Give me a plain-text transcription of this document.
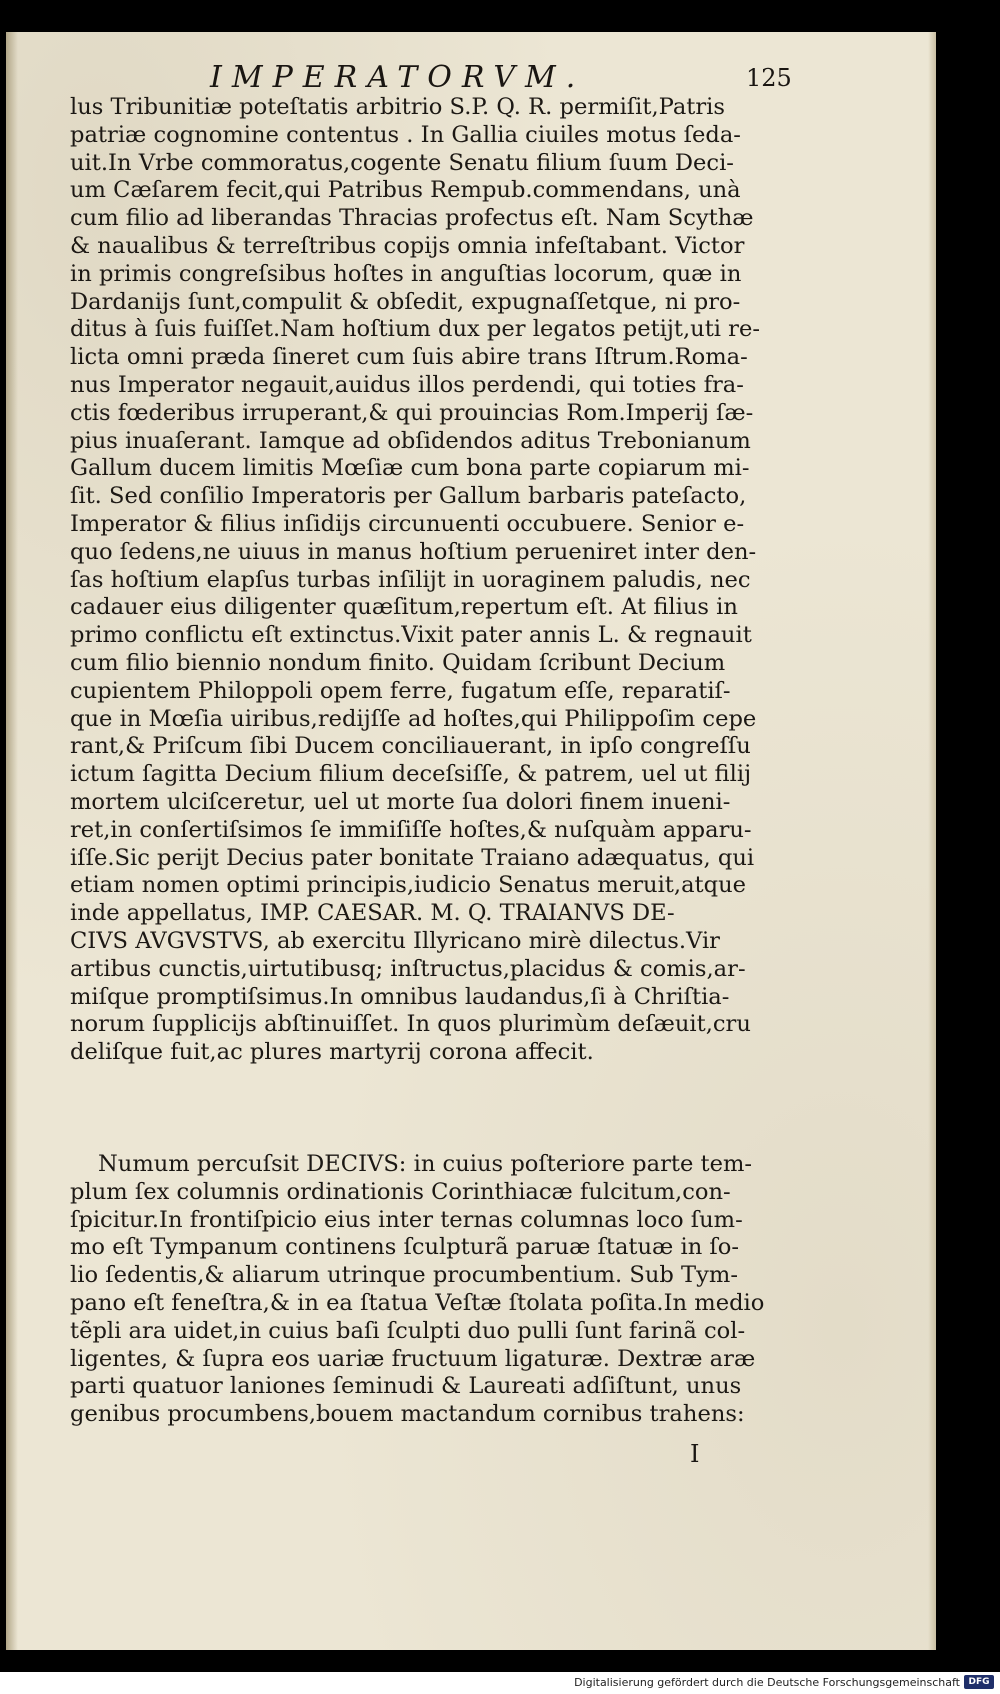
IMPERATORVM.	125
lus Tribunitiæ poteſtatis arbitrio S.P. Q. R. permiſit,Patris
patriæ cognomine contentus . In Gallia ciuiles motus ſeda-
uit.In Vrbe commoratus,cogente Senatu filium ſuum Deci-
um Cæſarem fecit,qui Patribus Rempub.commendans, unà
cum filio ad liberandas Thracias profectus eſt. Nam Scythæ
& naualibus & terreſtribus copijs omnia infeſtabant. Victor
in primis congreſsibus hoſtes in anguſtias locorum, quæ in
Dardanijs ſunt,compulit & obſedit, expugnaſſetque, ni pro-
ditus à ſuis fuiſſet.Nam hoſtium dux per legatos petijt,uti re-
licta omni præda ſineret cum ſuis abire trans Iſtrum.Roma-
nus Imperator negauit,auidus illos perdendi, qui toties fra-
ctis fœderibus irruperant,& qui prouincias Rom.Imperij ſæ-
pius inuaſerant. Iamque ad obſidendos aditus Trebonianum
Gallum ducem limitis Mœſiæ cum bona parte copiarum mi-
ſit. Sed conſilio Imperatoris per Gallum barbaris pateſacto,
Imperator & filius inſidijs circunuenti occubuere. Senior e-
quo ſedens,ne uiuus in manus hoſtium perueniret inter den-
ſas hoſtium elapſus turbas inſilijt in uoraginem paludis, nec
cadauer eius diligenter quæſitum,repertum eſt. At filius in
primo conflictu eſt extinctus.Vixit pater annis L. & regnauit
cum filio biennio nondum finito. Quidam ſcribunt Decium
cupientem Philoppoli opem ferre, fugatum eſſe, reparatiſ-
que in Mœſia uiribus,redijſſe ad hoſtes,qui Philippoſim cepe
rant,& Priſcum ſibi Ducem conciliauerant, in ipſo congreſſu
ictum ſagitta Decium filium deceſsiſſe, & patrem, uel ut filij
mortem ulciſceretur, uel ut morte ſua dolori finem inueni-
ret,in conſertiſsimos ſe immiſiſſe hoſtes,& nuſquàm apparu-
iſſe.Sic perijt Decius pater bonitate Traiano adæquatus, qui
etiam nomen optimi principis,iudicio Senatus meruit,atque
inde appellatus, IMP. CAESAR. M. Q. TRAIANVS DE-
CIVS AVGVSTVS, ab exercitu Illyricano mirè dilectus.Vir
artibus cunctis,uirtutibusq; inſtructus,placidus & comis,ar-
miſque promptiſsimus.In omnibus laudandus,ſi à Chriſtia-
norum ſupplicijs abſtinuiſſet. In quos plurimùm deſæuit,cru
deliſque fuit,ac plures martyrij corona affecit.
Numum percuſsit DECIVS: in cuius poſteriore parte tem-
plum ſex columnis ordinationis Corinthiacæ fulcitum,con-
ſpicitur.In frontiſpicio eius inter ternas columnas loco ſum-
mo eſt Tympanum continens ſculpturã paruæ ſtatuæ in ſo-
lio ſedentis,& aliarum utrinque procumbentium. Sub Tym-
pano eſt feneſtra,& in ea ſtatua Veſtæ ſtolata poſita.In medio
tẽpli ara uidet,in cuius baſi ſculpti duo pulli ſunt farinã col-
ligentes, & ſupra eos uariæ fructuum ligaturæ. Dextræ aræ
parti quatuor laniones ſeminudi & Laureati adſiſtunt, unus
genibus procumbens,bouem mactandum cornibus trahens:
I
Digitalisierung gefördert durch die Deutsche Forschungsgemeinschaft DFG
